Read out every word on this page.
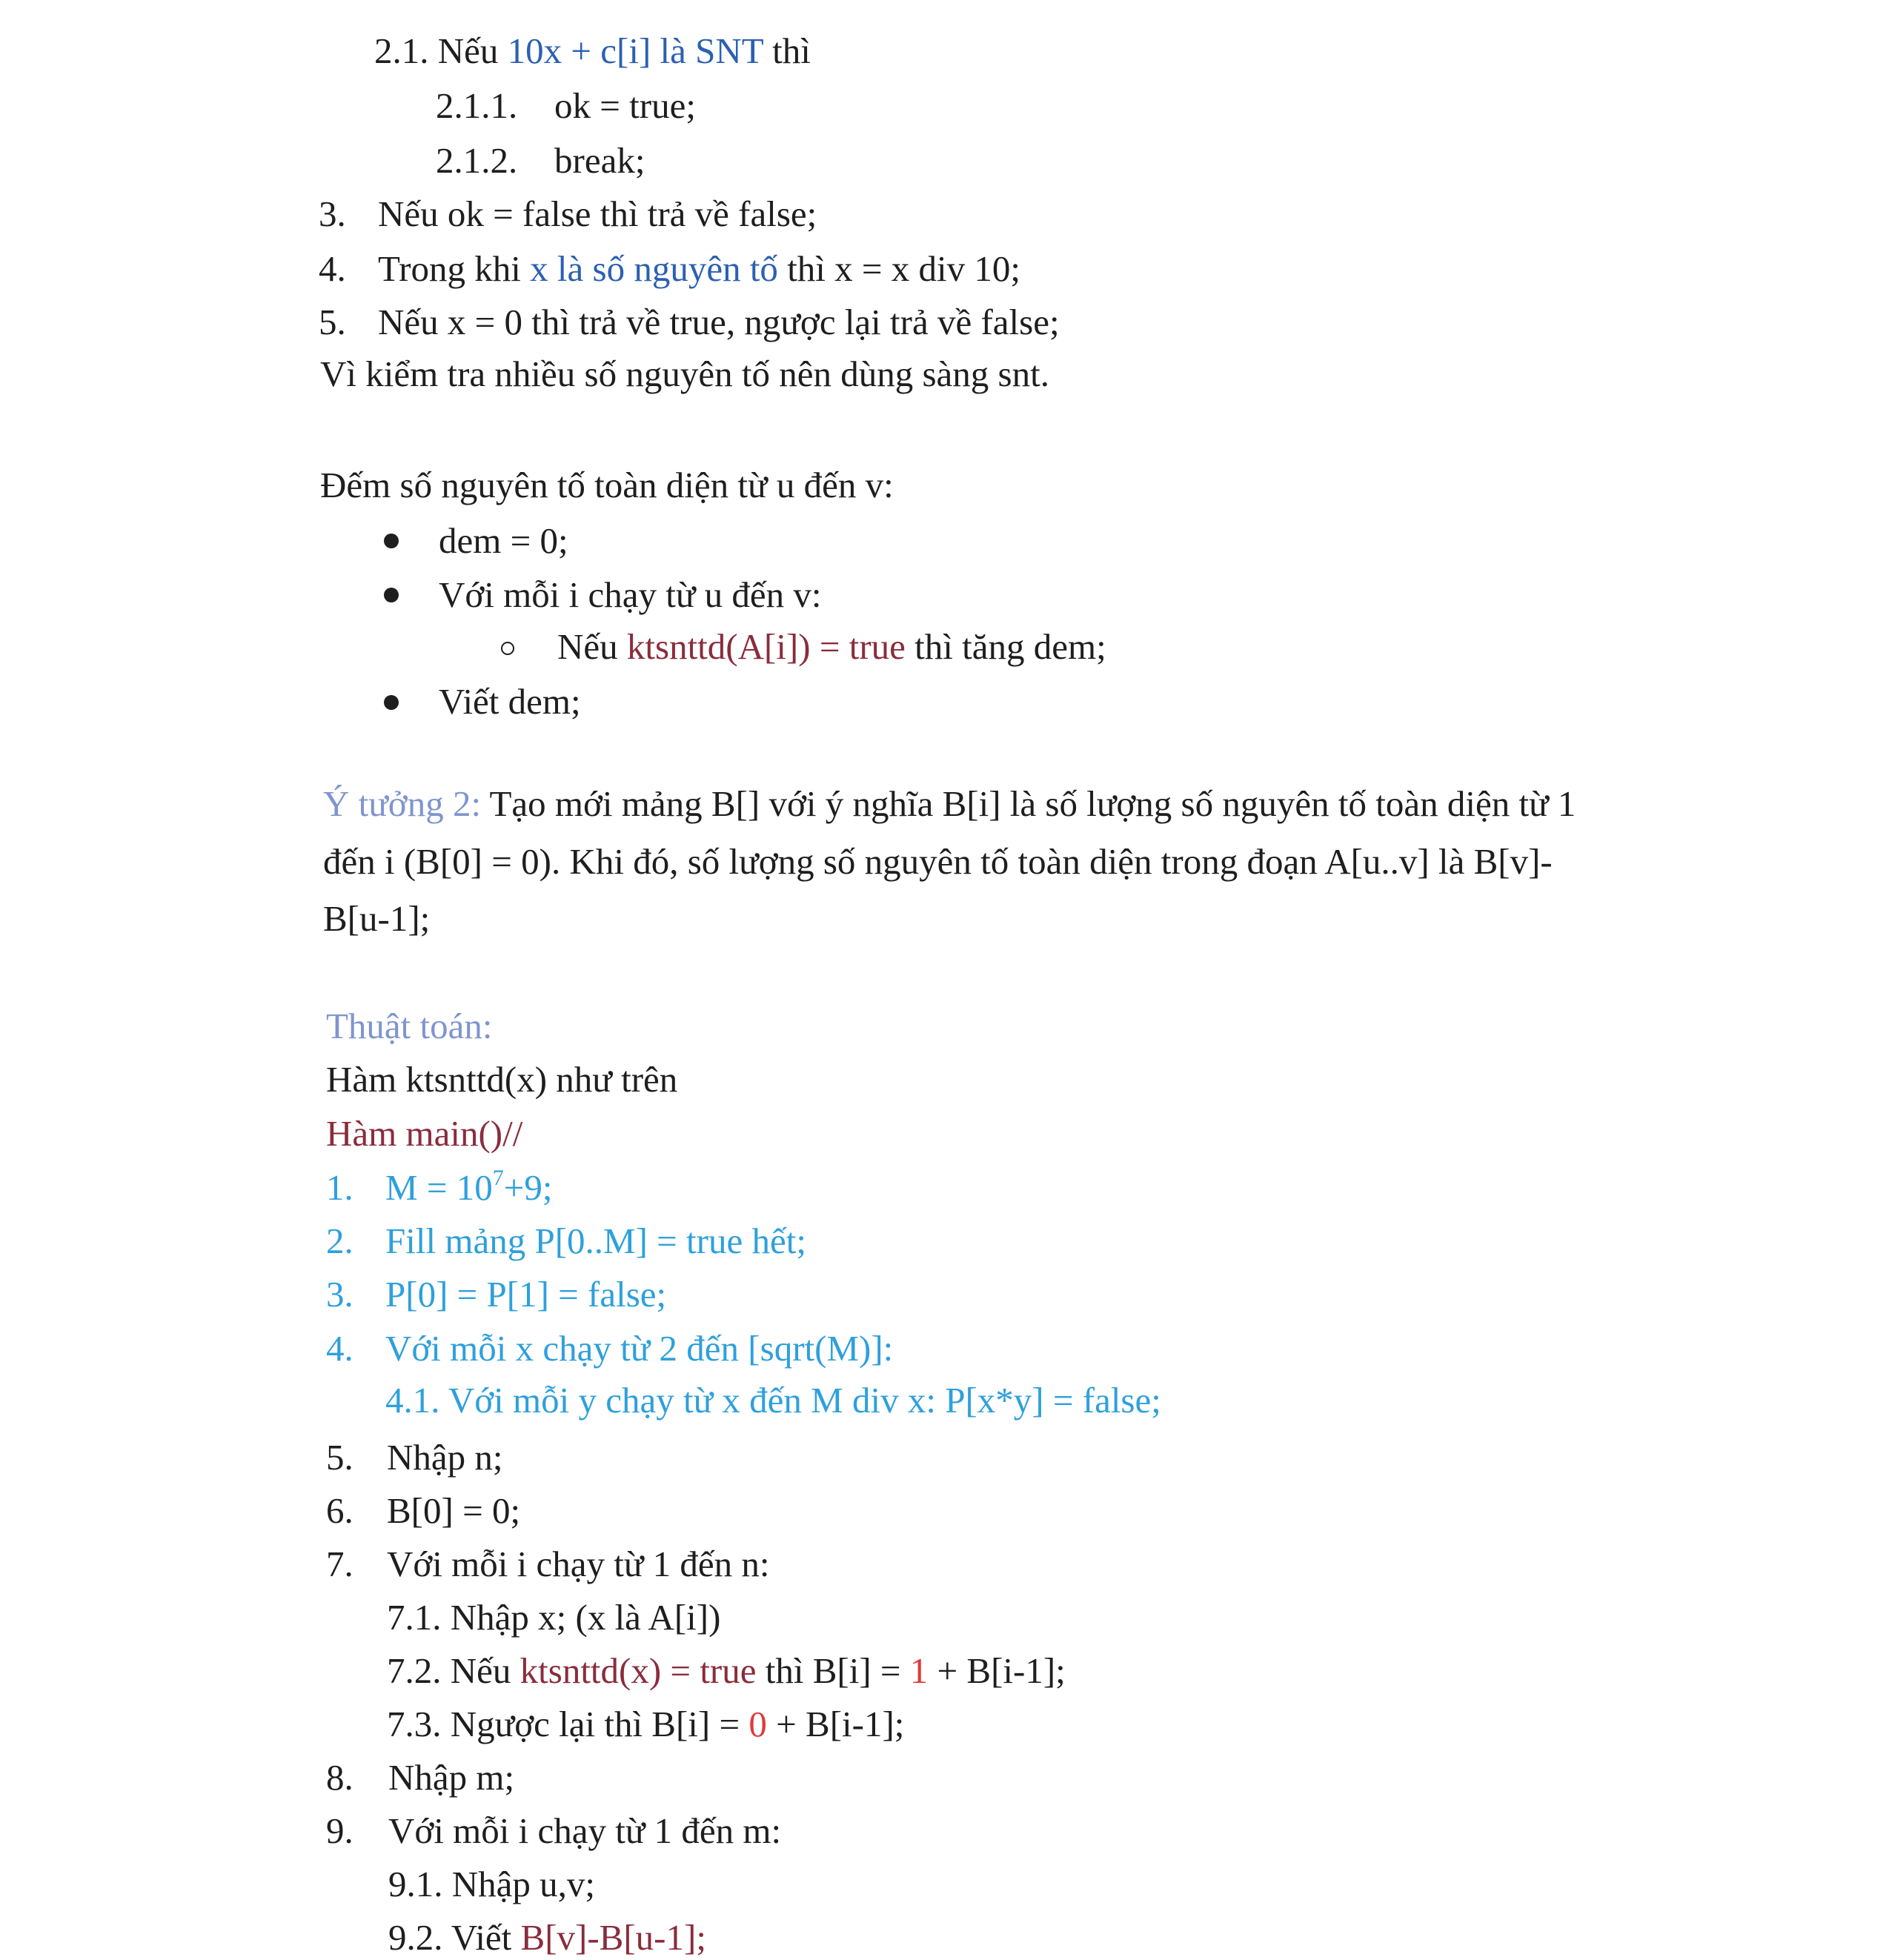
2.1. Nếu 10x + c[i] là SNT thì
2.1.1. ok = true;
2.1.2. break;
3. Nếu ok = false thì trả về false;
4. Trong khi x là số nguyên tố thì x = x div 10;
5. Nếu x = 0 thì trả về true, ngược lại trả về false;
Vì kiểm tra nhiều số nguyên tố nên dùng sàng snt.
Đếm số nguyên tố toàn diện từ u đến v:
dem = 0;
Với mỗi i chạy từ u đến v:
Nếu ktsnttd(A[i]) = true thì tăng dem;
Viết dem;
Ý tưởng 2: Tạo mới mảng B[] với ý nghĩa B[i] là số lượng số nguyên tố toàn diện từ 1
đến i (B[0] = 0). Khi đó, số lượng số nguyên tố toàn diện trong đoạn A[u..v] là B[v]-
B[u-1];
Thuật toán:
Hàm ktsnttd(x) như trên
Hàm main()//
1. $M = 10^7+9$;
2. Fill mảng P[0..M] = true hết;
3. P[0] = P[1] = false;
4. Với mỗi x chạy từ 2 đến [sqrt(M)]:
4.1. Với mỗi y chạy từ x đến M div x: P[x*y] = false;
5. Nhập n;
6. B[0] = 0;
7. Với mỗi i chạy từ 1 đến n:
7.1. Nhập x; (x là A[i])
7.2. Nếu ktsnttd(x) = true thì B[i] = 1 + B[i-1];
7.3. Ngược lại thì B[i] = 0 + B[i-1];
8. Nhập m;
9. Với mỗi i chạy từ 1 đến m:
9.1. Nhập u,v;
9.2. Viết B[v]-B[u-1];
